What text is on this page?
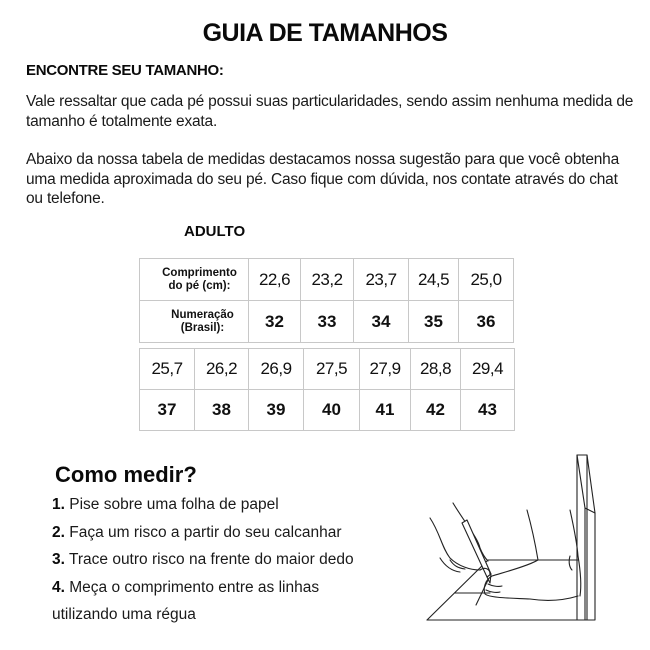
GUIA DE TAMANHOS
ENCONTRE SEU TAMANHO:
Vale ressaltar que cada pé possui suas particularidades, sendo assim nenhuma medida de tamanho é totalmente exata.
Abaixo da nossa tabela de medidas destacamos nossa sugestão para que você obtenha uma medida aproximada do seu pé. Caso fique com dúvida, nos contate através do chat ou telefone.
ADULTO
Comprimento
do pé (cm):	22,6	23,2	23,7	24,5	25,0

Numeração
(Brasil):	32	33	34	35	36
25,7	26,2	26,9	27,5	27,9	28,8	29,4
37	38	39	40	41	42	43
Como medir?
1. Pise sobre uma folha de papel
2. Faça um risco a partir do seu calcanhar
3. Trace outro risco na frente do maior dedo
4. Meça o comprimento entre as linhas
utilizando uma régua
